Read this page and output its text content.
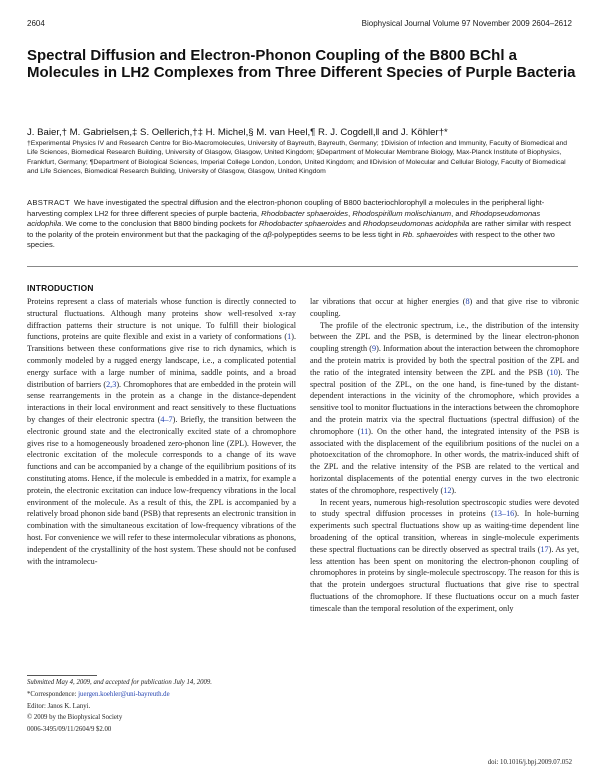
2604	Biophysical Journal Volume 97 November 2009 2604–2612
Spectral Diffusion and Electron-Phonon Coupling of the B800 BChl a Molecules in LH2 Complexes from Three Different Species of Purple Bacteria
J. Baier,† M. Gabrielsen,‡ S. Oellerich,†‡ H. Michel,§ M. van Heel,¶ R. J. Cogdell,‖ and J. Köhler†*
†Experimental Physics IV and Research Centre for Bio-Macromolecules, University of Bayreuth, Bayreuth, Germany; ‡Division of Infection and Immunity, Faculty of Biomedical and Life Sciences, Biomedical Research Building, University of Glasgow, Glasgow, United Kingdom; §Department of Molecular Membrane Biology, Max-Planck Institute of Biophysics, Frankfurt, Germany; ¶Department of Biological Sciences, Imperial College London, London, United Kingdom; and ‖Division of Molecular and Cellular Biology, Faculty of Biomedical and Life Sciences, Biomedical Research Building, University of Glasgow, Glasgow, United Kingdom
ABSTRACT We have investigated the spectral diffusion and the electron-phonon coupling of B800 bacteriochlorophyll a molecules in the peripheral light-harvesting complex LH2 for three different species of purple bacteria, Rhodobacter sphaeroides, Rhodospirillum molischianum, and Rhodopseudomonas acidophila. We come to the conclusion that B800 binding pockets for Rhodobacter sphaeroides and Rhodopseudomonas acidophila are rather similar with respect to the polarity of the protein environment but that the packaging of the αβ-polypeptides seems to be less tight in Rb. sphaeroides with respect to the other two species.
INTRODUCTION

Proteins represent a class of materials whose function is directly connected to structural fluctuations. Although many proteins show well-resolved x-ray diffraction patterns their structure is not unique. To fulfill their biological functions, proteins are quite flexible and exist in a variety of conformations (1). Transitions between these conformations give rise to rich dynamics, which is commonly modeled by a rugged energy landscape, i.e., a complicated potential energy surface with a large number of minima, saddle points, and a broad distribution of barriers (2,3). Chromophores that are embedded in the protein will sense rearrangements in the protein as a change in the distance-dependent interactions in their local environment and react sensitively to these fluctuations by changes of their electronic spectra (4–7). Briefly, the transition between the electronic ground state and the electronically excited state of a chromophore gives rise to a homogeneously broadened zero-phonon line (ZPL). However, the electronic excitation of the molecule corresponds to a change of its wave functions and can be accompanied by a change of the equilibrium positions of its constituting atoms. Hence, if the molecule is embedded in a matrix, for example a protein, the electronic excitation can induce low-frequency vibrations in the local environment of the molecule. As a result of this, the ZPL is accompanied by a relatively broad phonon side band (PSB) that represents an electronic transition in combination with the simultaneous excitation of low-frequency vibrations of the host. For convenience we will refer to these intermolecular vibrations as phonons, independent of the crystallinity of the host system. These should not be confused with the intramolecu-

lar vibrations that occur at higher energies (8) and that give rise to vibronic coupling.

The profile of the electronic spectrum, i.e., the distribution of the intensity between the ZPL and the PSB, is determined by the linear electron-phonon coupling strength (9). Information about the interaction between the chromophore and the protein matrix is provided by both the spectral position of the ZPL and the ratio of the integrated intensity between the ZPL and the PSB (10). The spectral position of the ZPL, on the one hand, is fine-tuned by the distant-dependent interactions in the vicinity of the chromophore, which provides a sensitive tool to monitor fluctuations in the interactions between the chromophore and the protein matrix via the spectral fluctuations (spectral diffusion) of the chromophore (11). On the other hand, the integrated intensity of the PSB is associated with the displacement of the equilibrium positions of the nuclei on a photoexcitation of the chromophore. In other words, the matrix-induced shift of the ZPL and the relative intensity of the PSB are related to the vertical and horizontal displacements of the potential energy curves in the two electronic states of the chromophore, respectively (12).

In recent years, numerous high-resolution spectroscopic studies were devoted to study spectral diffusion processes in proteins (13–16). In hole-burning experiments such spectral fluctuations show up as waiting-time dependent line broadening of the optical transition, whereas in single-molecule experiments these spectral fluctuations can be directly observed as spectral trails (17). As yet, less attention has been spent on monitoring the electron-phonon coupling of chromophores in proteins by single-molecule spectroscopy. The reason for this is that the protein undergoes structural fluctuations that give rise to spectral fluctuations of the chromophore. If these fluctuations occur on a much faster timescale than the temporal resolution of the experiment, only

Submitted May 4, 2009, and accepted for publication July 14, 2009.
*Correspondence: juergen.koehler@uni-bayreuth.de
Editor: Janos K. Lanyi.
© 2009 by the Biophysical Society
0006-3495/09/11/2604/9 $2.00
doi: 10.1016/j.bpj.2009.07.052
